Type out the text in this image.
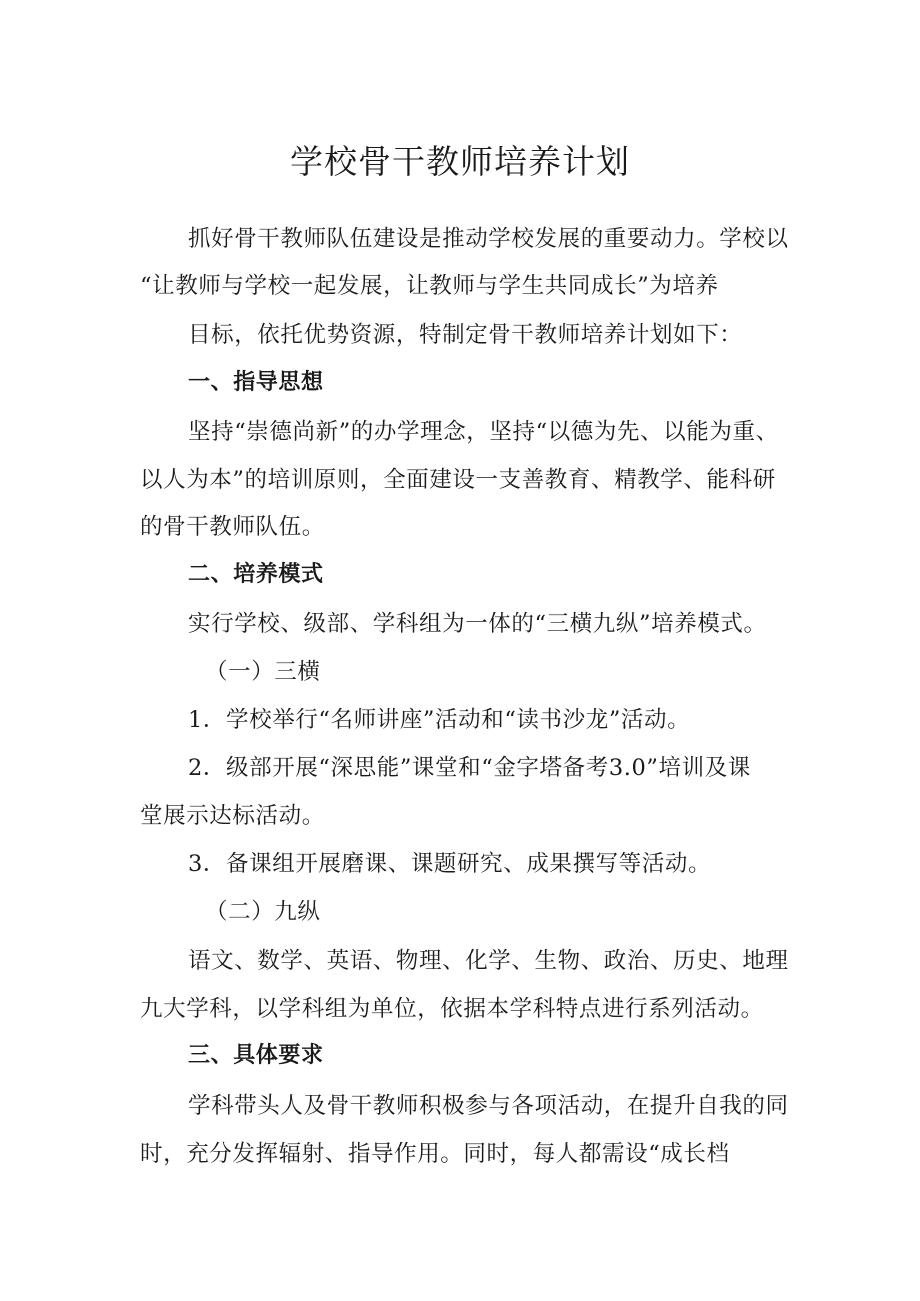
学校骨干教师培养计划
抓好骨干教师队伍建设是推动学校发展的重要动力。学校以
“让教师与学校一起发展，让教师与学生共同成长”为培养
目标，依托优势资源，特制定骨干教师培养计划如下：
一、指导思想
坚持“崇德尚新”的办学理念，坚持“以德为先、以能为重、
以人为本”的培训原则，全面建设一支善教育、精教学、能科研
的骨干教师队伍。
二、培养模式
实行学校、级部、学科组为一体的“三横九纵”培养模式。
（一）三横
1．学校举行“名师讲座”活动和“读书沙龙”活动。
2．级部开展“深思能”课堂和“金字塔备考3.0”培训及课
堂展示达标活动。
3．备课组开展磨课、课题研究、成果撰写等活动。
（二）九纵
语文、数学、英语、物理、化学、生物、政治、历史、地理
九大学科，以学科组为单位，依据本学科特点进行系列活动。
三、具体要求
学科带头人及骨干教师积极参与各项活动，在提升自我的同
时，充分发挥辐射、指导作用。同时，每人都需设“成长档
